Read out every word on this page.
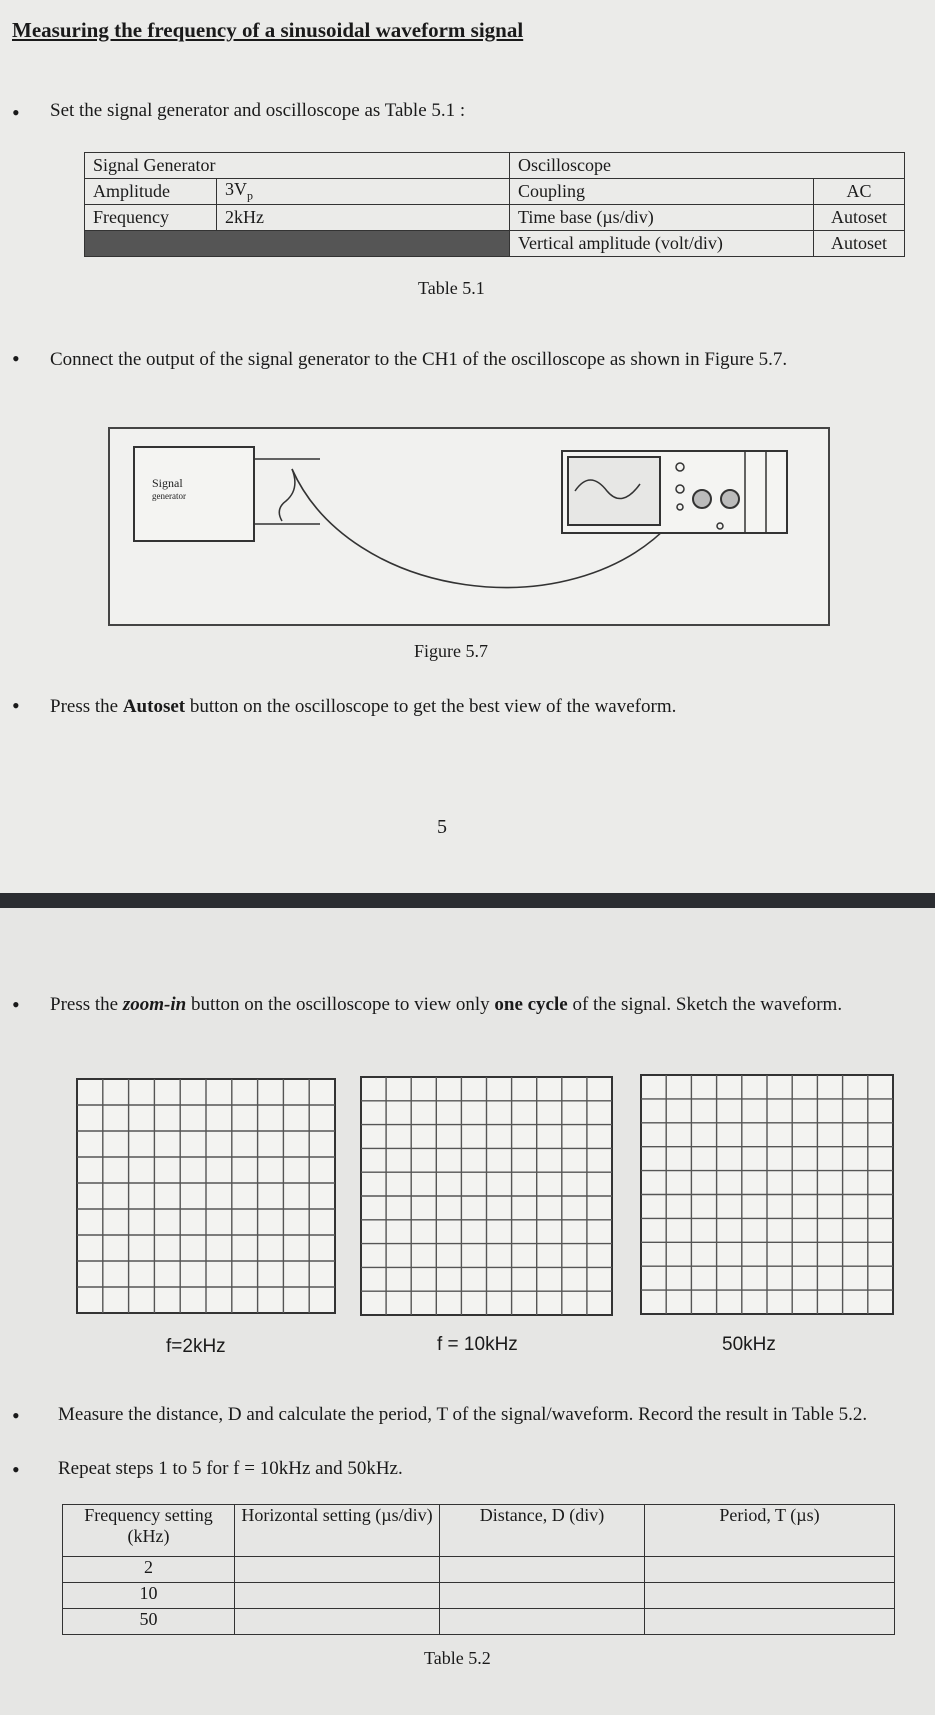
Measuring the frequency of a sinusoidal waveform signal
• Set the signal generator and oscilloscope as Table 5.1 :
Signal Generator		Oscilloscope	
Amplitude	$3V_p$	Coupling	AC
Frequency	2kHz	Time base (µs/div)	Autoset
		Vertical amplitude (volt/div)	Autoset
Table 5.1
• Connect the output of the signal generator to the CH1 of the oscilloscope as shown in Figure 5.7.
Signal
generator
Figure 5.7
• Press the Autoset button on the oscilloscope to get the best view of the waveform.
5
• Press the zoom-in button on the oscilloscope to view only one cycle of the signal. Sketch the waveform.
f=2kHz	f = 10kHz	50kHz
• Measure the distance, D and calculate the period, T of the signal/waveform. Record the result in Table 5.2.
• Repeat steps 1 to 5 for f = 10kHz and 50kHz.
Frequency setting (kHz)	Horizontal setting (µs/div)	Distance, D (div)	Period, T (µs)
2			
10			
50			
Table 5.2
